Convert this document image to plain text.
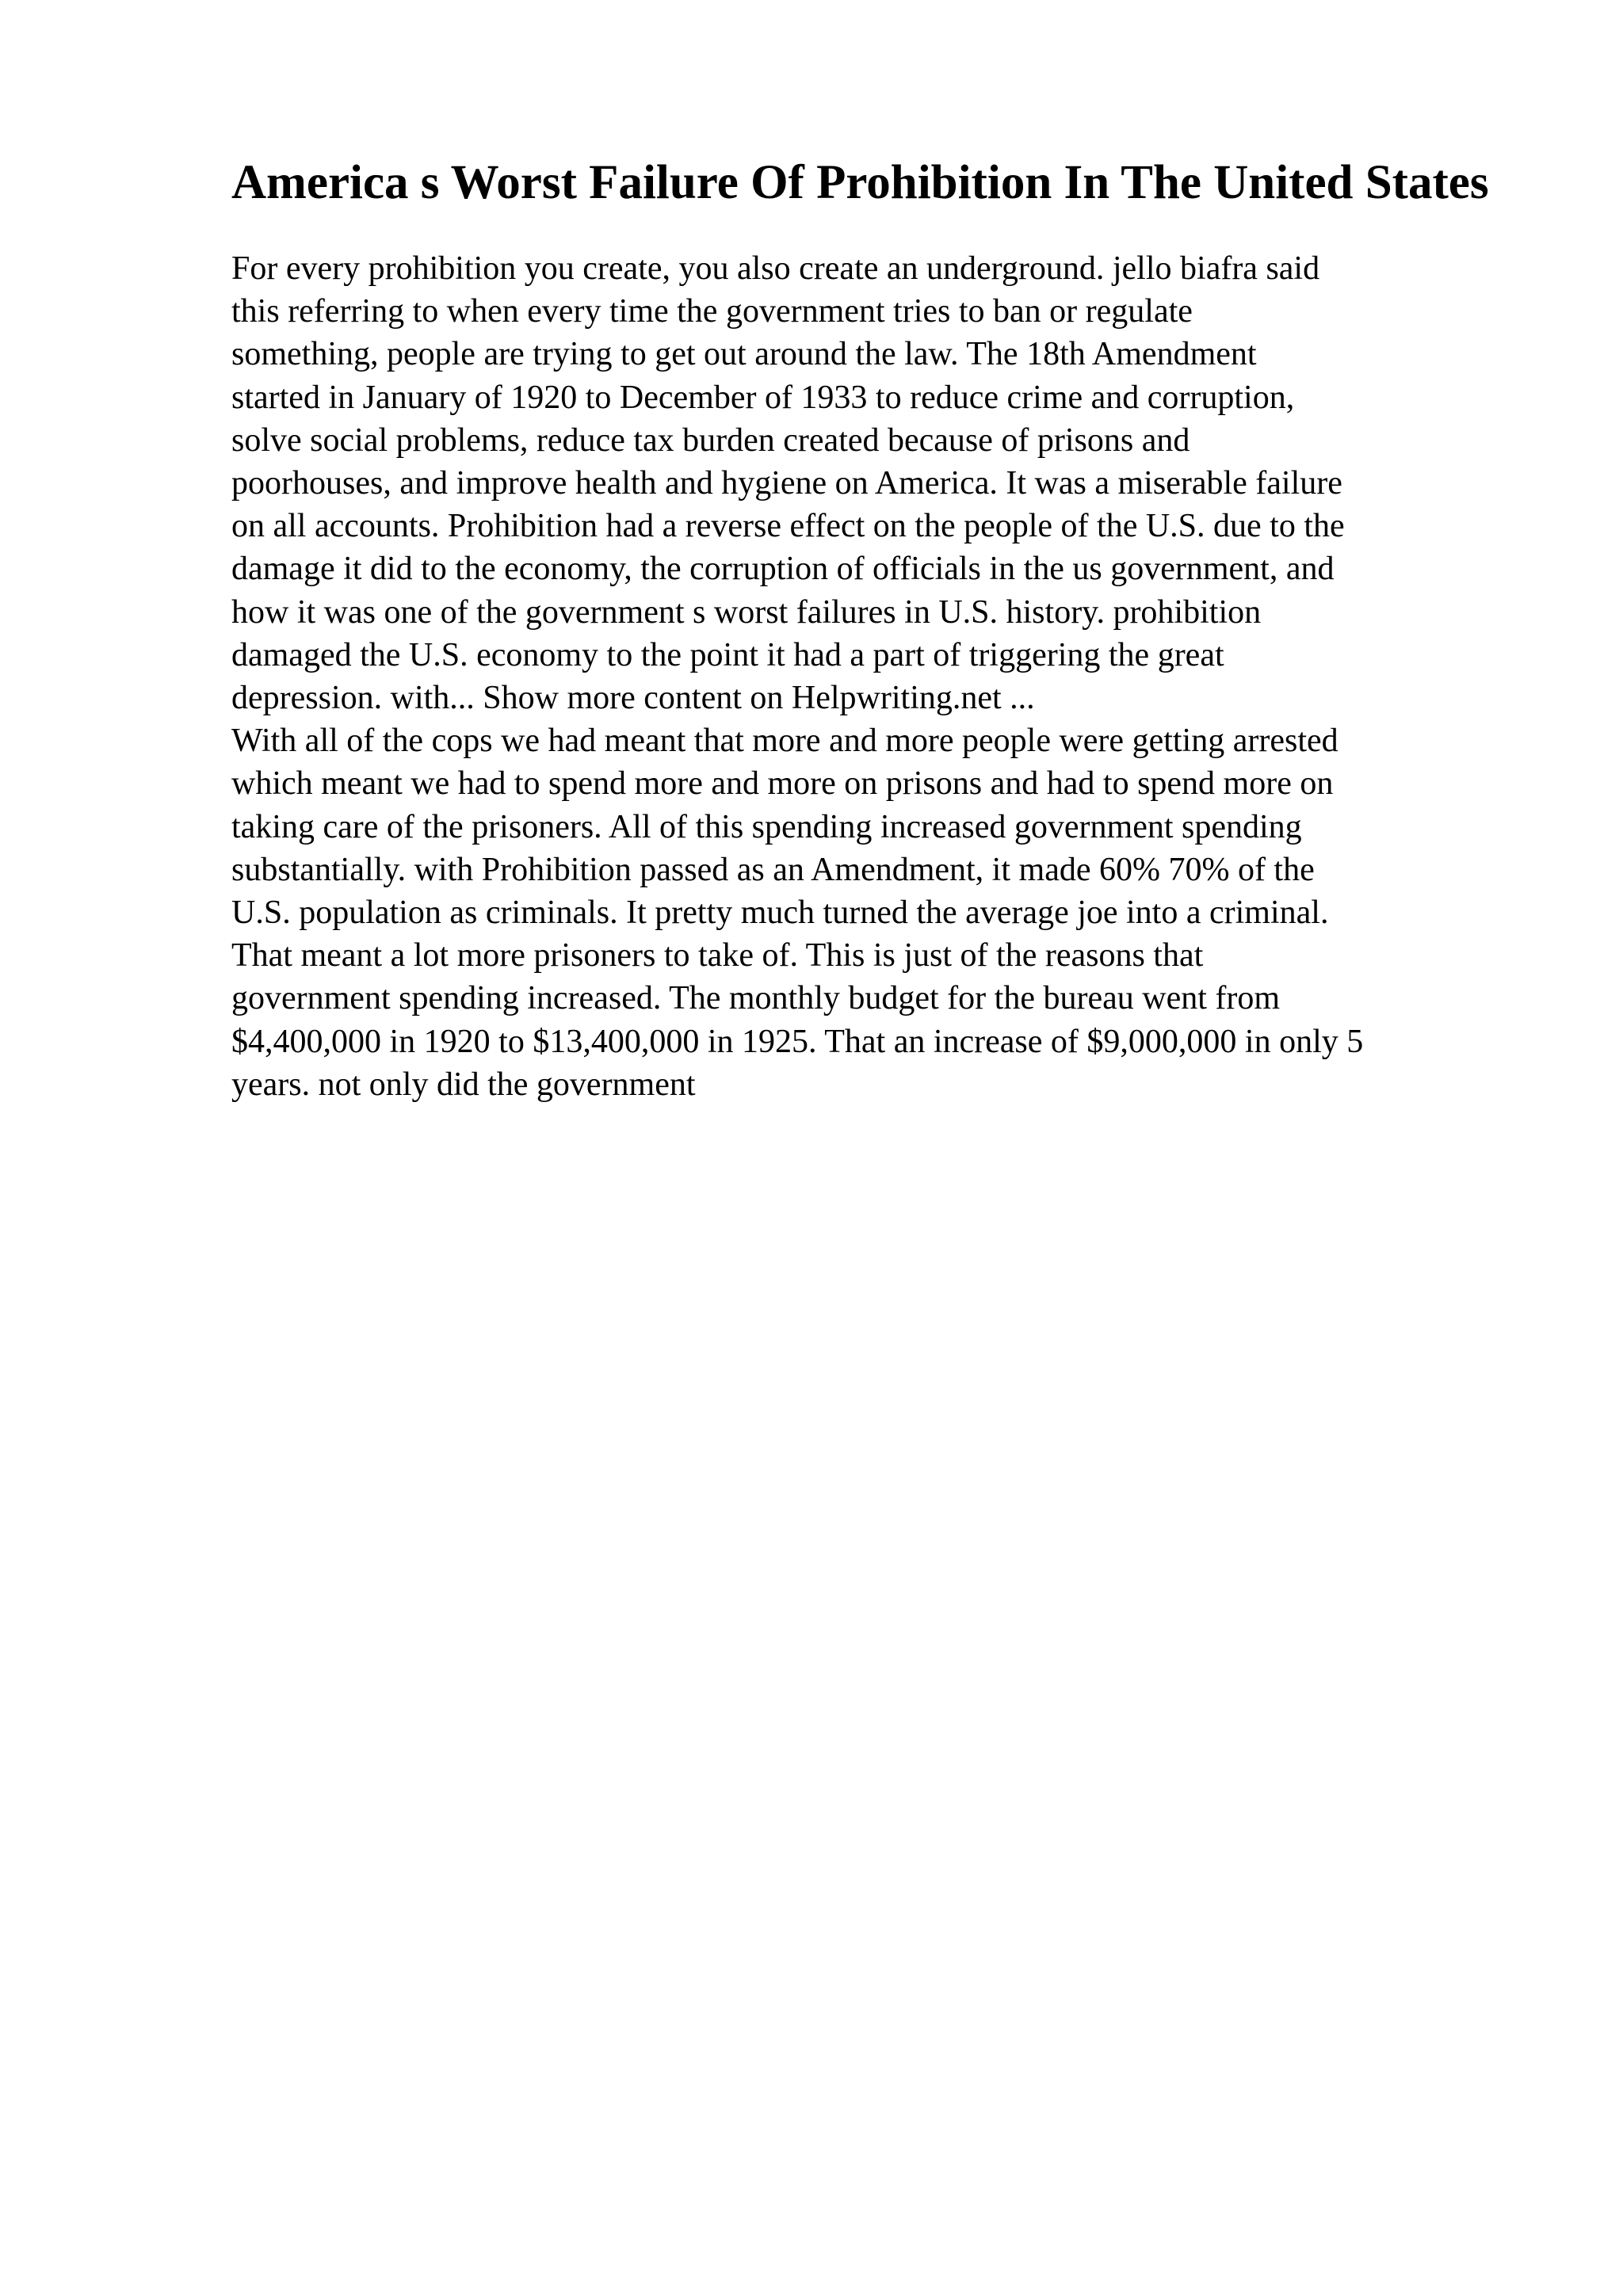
America s Worst Failure Of Prohibition In The United States
For every prohibition you create, you also create an underground. jello biafra said
this referring to when every time the government tries to ban or regulate
something, people are trying to get out around the law. The 18th Amendment
started in January of 1920 to December of 1933 to reduce crime and corruption,
solve social problems, reduce tax burden created because of prisons and
poorhouses, and improve health and hygiene on America. It was a miserable failure
on all accounts. Prohibition had a reverse effect on the people of the U.S. due to the
damage it did to the economy, the corruption of officials in the us government, and
how it was one of the government s worst failures in U.S. history. prohibition
damaged the U.S. economy to the point it had a part of triggering the great
depression. with... Show more content on Helpwriting.net ...
With all of the cops we had meant that more and more people were getting arrested
which meant we had to spend more and more on prisons and had to spend more on
taking care of the prisoners. All of this spending increased government spending
substantially. with Prohibition passed as an Amendment, it made 60% 70% of the
U.S. population as criminals. It pretty much turned the average joe into a criminal.
That meant a lot more prisoners to take of. This is just of the reasons that
government spending increased. The monthly budget for the bureau went from
$4,400,000 in 1920 to $13,400,000 in 1925. That an increase of $9,000,000 in only 5
years. not only did the government
